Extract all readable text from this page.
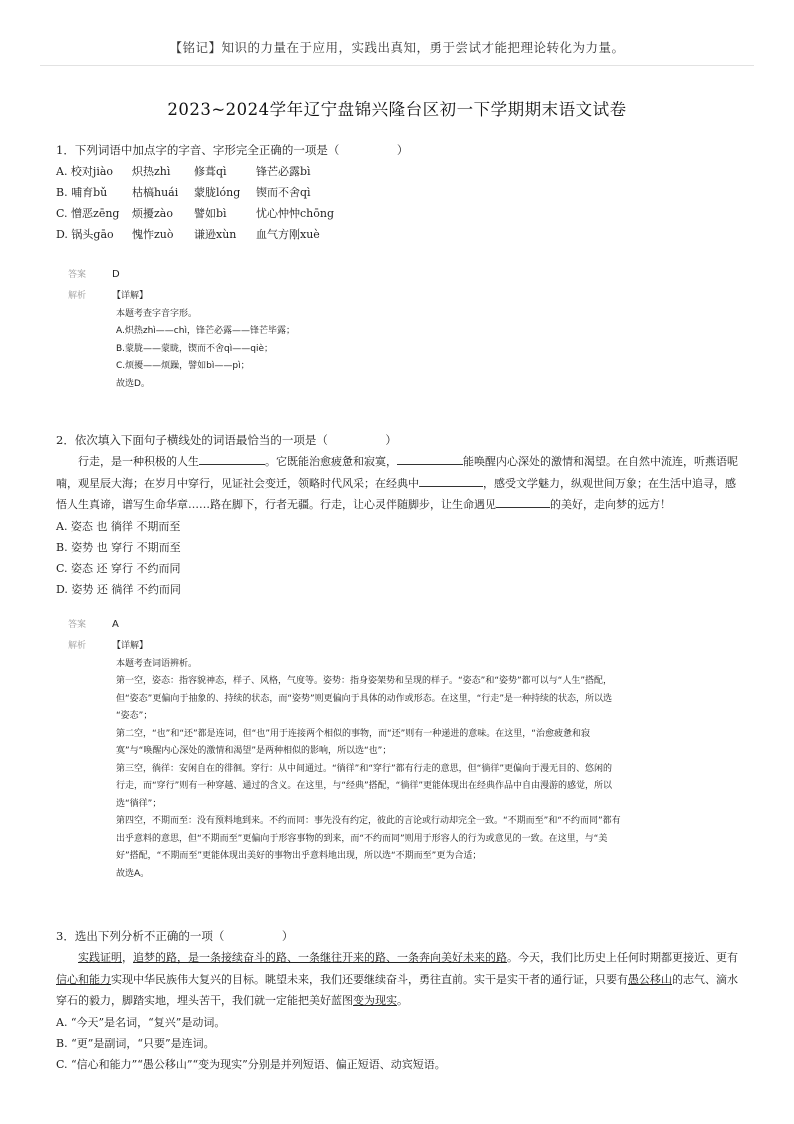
【铭记】知识的力量在于应用，实践出真知，勇于尝试才能把理论转化为力量。
2023~2024学年辽宁盘锦兴隆台区初一下学期期末语文试卷

1．下列词语中加点字的字音、字形完全正确的一项是（　　　　　）

A. 校对jiào 炽热zhì 修葺qì	锋芒必露bì
B. 哺育bǔ 枯槁huái 蒙胧lóng 锲而不舍qì
C. 憎恶zēng 烦擾zào 譬如bì	忧心忡忡chōng
D. 锅头gāo 愧怍zuò 谦逊xùn 血气方刚xuè
答案	D
解析	【详解】
本题考查字音字形。
A.炽热zhì——chì，锋芒必露——锋芒毕露；
B.蒙胧——蒙眬，锲而不舍qì——qiè；
C.烦擾——烦躁，譬如bì——pì；
故选D。

2．依次填入下面句子横线处的词语最恰当的一项是（　　　　　）

行走，是一种积极的人生	。它既能治愈疲惫和寂寞，	能唤醒内心深处的激情和渴望。在自然中流连，听燕语呢喃，观星辰大海；在岁月中穿行，见证社会变迁，领略时代风采；在经典中	，感受文学魅力，纵观世间万象；在生活中追寻，感悟人生真谛，谱写生命华章……路在脚下，行者无疆。行走，让心灵伴随脚步，让生命遇见	的美好，走向梦的远方！

A. 姿态 也 徜徉 不期而至
B. 姿势 也 穿行 不期而至
C. 姿态 还 穿行 不约而同
D. 姿势 还 徜徉 不约而同
答案	A
解析	【详解】
本题考查词语辨析。
第一空，姿态：指容貌神态，样子、风格，气度等。姿势：指身姿架势和呈现的样子。“姿态”和“姿势”都可以与“人生”搭配，
但“姿态”更偏向于抽象的、持续的状态，而“姿势”则更偏向于具体的动作或形态。在这里，“行走”是一种持续的状态，所以选
“姿态”；
第二空，“也”和“还”都是连词，但“也”用于连接两个相似的事物，而“还”则有一种递进的意味。在这里，“治愈疲惫和寂
寞”与“唤醒内心深处的激情和渴望”是两种相似的影响，所以选“也”；
第三空，徜徉：安闲自在的徘徊。穿行：从中间通过。“徜徉”和“穿行”都有行走的意思，但“徜徉”更偏向于漫无目的、悠闲的
行走，而“穿行”则有一种穿越、通过的含义。在这里，与“经典”搭配，“徜徉”更能体现出在经典作品中自由漫游的感觉，所以
选“徜徉”；
第四空，不期而至：没有预料地到来。不约而同：事先没有约定，彼此的言论或行动却完全一致。“不期而至”和“不约而同”都有
出乎意料的意思，但“不期而至”更偏向于形容事物的到来，而“不约而同”则用于形容人的行为或意见的一致。在这里，与“美
好”搭配，“不期而至”更能体现出美好的事物出乎意料地出现，所以选“不期而至”更为合适；
故选A。

3．选出下列分析不正确的一项（　　　　　）

实践证明，追梦的路，是一条接续奋斗的路、一条继往开来的路、一条奔向美好未来的路。今天，我们比历史上任何时期都更接近、更有信心和能力实现中华民族伟大复兴的目标。眺望未来，我们还要继续奋斗，勇往直前。实干是实干者的通行证，只要有愚公移山的志气、滴水穿石的毅力，脚踏实地，埋头苦干，我们就一定能把美好蓝图变为现实。

A. “今天”是名词，“复兴”是动词。
B. “更”是副词，“只要”是连词。
C. “信心和能力”“愚公移山”“变为现实”分别是并列短语、偏正短语、动宾短语。
